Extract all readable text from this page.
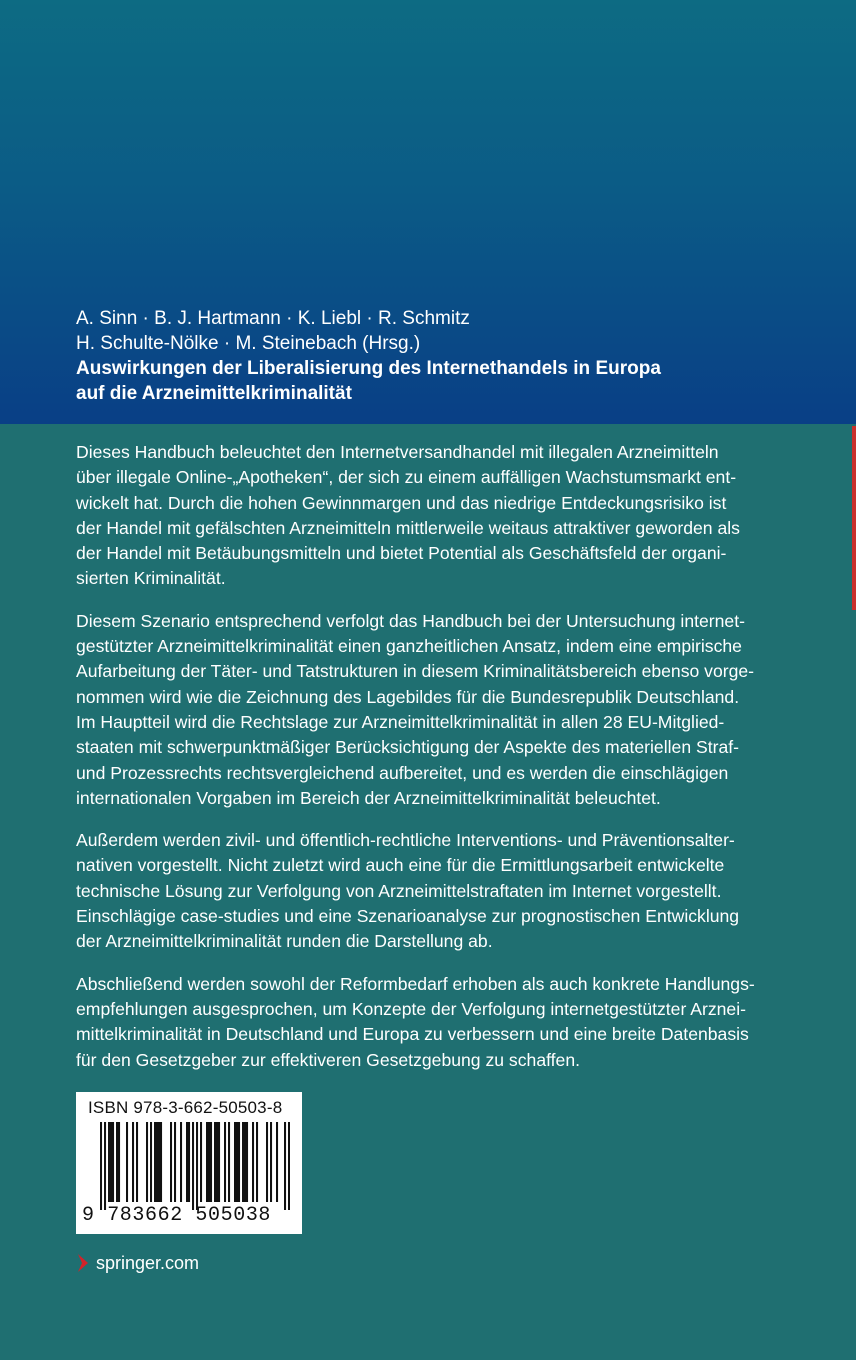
A. Sinn · B. J. Hartmann · K. Liebl · R. Schmitz

H. Schulte-Nölke · M. Steinebach (Hrsg.)

Auswirkungen der Liberalisierung des Internethandels in Europa

auf die Arzneimittelkriminalität

Dieses Handbuch beleuchtet den Internetversandhandel mit illegalen Arzneimitteln
über illegale Online-„Apotheken“, der sich zu einem auffälligen Wachstumsmarkt ent-
wickelt hat. Durch die hohen Gewinnmargen und das niedrige Entdeckungsrisiko ist
der Handel mit gefälschten Arzneimitteln mittlerweile weitaus attraktiver geworden als
der Handel mit Betäubungsmitteln und bietet Potential als Geschäftsfeld der organi-
sierten Kriminalität.

Diesem Szenario entsprechend verfolgt das Handbuch bei der Untersuchung internet-
gestützter Arzneimittelkriminalität einen ganzheitlichen Ansatz, indem eine empirische
Aufarbeitung der Täter- und Tatstrukturen in diesem Kriminalitätsbereich ebenso vorge-
nommen wird wie die Zeichnung des Lagebildes für die Bundesrepublik Deutschland.
Im Hauptteil wird die Rechtslage zur Arzneimittelkriminalität in allen 28 EU-Mitglied-
staaten mit schwerpunktmäßiger Berücksichtigung der Aspekte des materiellen Straf-
und Prozessrechts rechtsvergleichend aufbereitet, und es werden die einschlägigen
internationalen Vorgaben im Bereich der Arzneimittelkriminalität beleuchtet.

Außerdem werden zivil- und öffentlich-rechtliche Interventions- und Präventionsalter-
nativen vorgestellt. Nicht zuletzt wird auch eine für die Ermittlungsarbeit entwickelte
technische Lösung zur Verfolgung von Arzneimittelstraftaten im Internet vorgestellt.
Einschlägige case-studies und eine Szenarioanalyse zur prognostischen Entwicklung
der Arzneimittelkriminalität runden die Darstellung ab.

Abschließend werden sowohl der Reformbedarf erhoben als auch konkrete Handlungs-
empfehlungen ausgesprochen, um Konzepte der Verfolgung internetgestützter Arznei-
mittelkriminalität in Deutschland und Europa zu verbessern und eine breite Datenbasis
für den Gesetzgeber zur effektiveren Gesetzgebung zu schaffen.

ISBN 978-3-662-50503-8
9 783662 505038
springer.com
